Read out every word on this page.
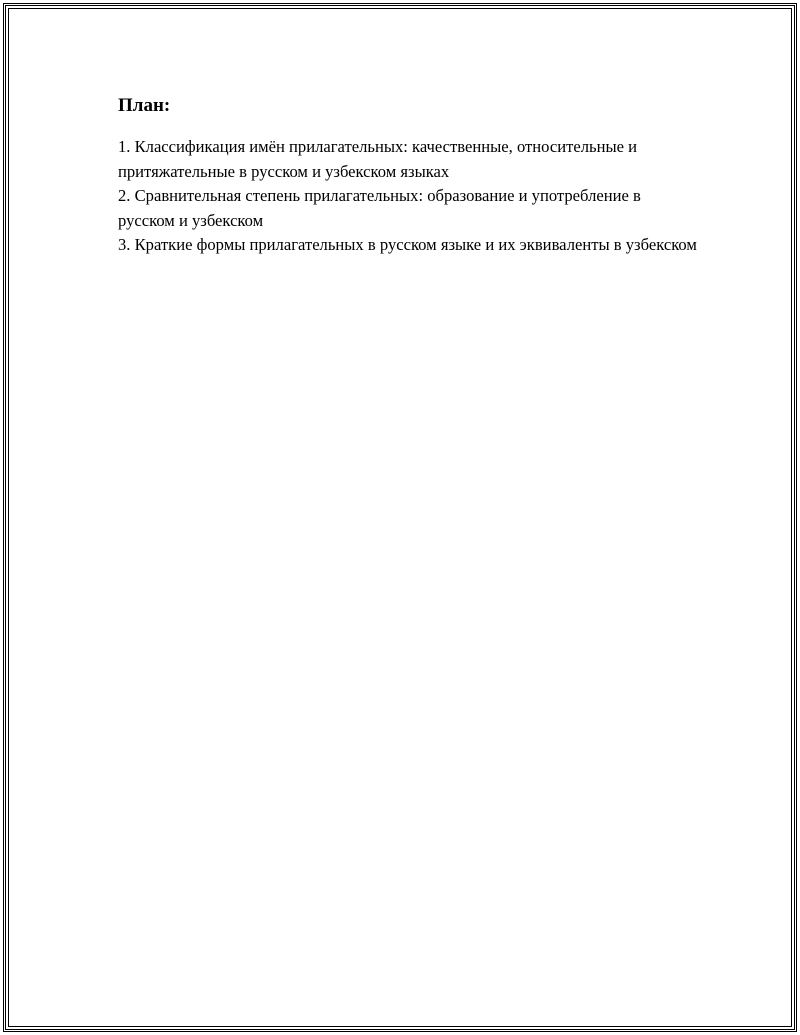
План:
1. Классификация имён прилагательных: качественные, относительные и притяжательные в русском и узбекском языках
2. Сравнительная степень прилагательных: образование и употребление в русском и узбекском
3. Краткие формы прилагательных в русском языке и их эквиваленты в узбекском
